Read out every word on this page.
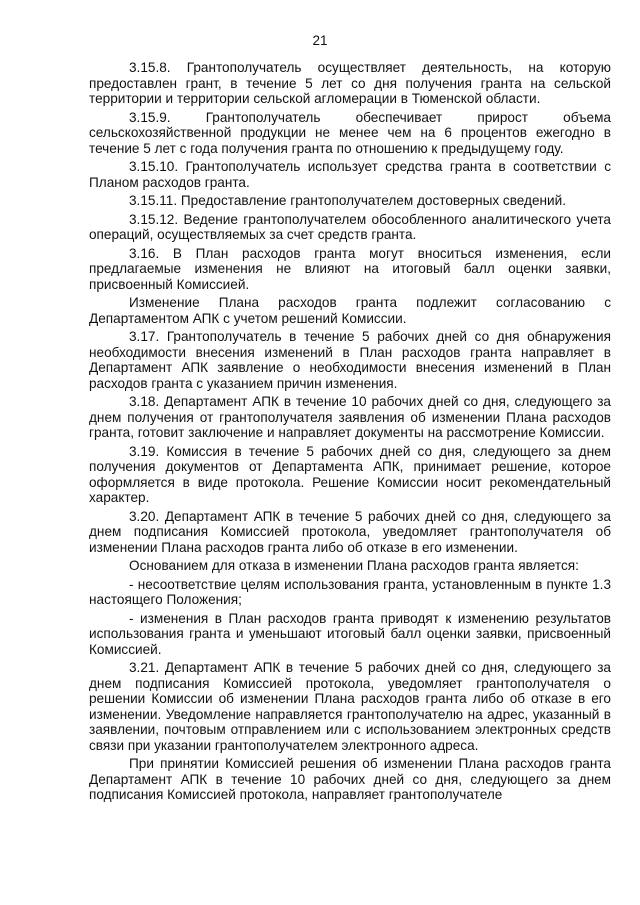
21

3.15.8. Грантополучатель осуществляет деятельность, на которую предоставлен грант, в течение 5 лет со дня получения гранта на сельской территории и территории сельской агломерации в Тюменской области.

3.15.9. Грантополучатель обеспечивает прирост объема сельскохозяйственной продукции не менее чем на 6 процентов ежегодно в течение 5 лет с года получения гранта по отношению к предыдущему году.

3.15.10. Грантополучатель использует средства гранта в соответствии с Планом расходов гранта.

3.15.11. Предоставление грантополучателем достоверных сведений.

3.15.12. Ведение грантополучателем обособленного аналитического учета операций, осуществляемых за счет средств гранта.

3.16. В План расходов гранта могут вноситься изменения, если предлагаемые изменения не влияют на итоговый балл оценки заявки, присвоенный Комиссией.

Изменение Плана расходов гранта подлежит согласованию с Департаментом АПК с учетом решений Комиссии.

3.17. Грантополучатель в течение 5 рабочих дней со дня обнаружения необходимости внесения изменений в План расходов гранта направляет в Департамент АПК заявление о необходимости внесения изменений в План расходов гранта с указанием причин изменения.

3.18. Департамент АПК в течение 10 рабочих дней со дня, следующего за днем получения от грантополучателя заявления об изменении Плана расходов гранта, готовит заключение и направляет документы на рассмотрение Комиссии.

3.19. Комиссия в течение 5 рабочих дней со дня, следующего за днем получения документов от Департамента АПК, принимает решение, которое оформляется в виде протокола. Решение Комиссии носит рекомендательный характер.

3.20. Департамент АПК в течение 5 рабочих дней со дня, следующего за днем подписания Комиссией протокола, уведомляет грантополучателя об изменении Плана расходов гранта либо об отказе в его изменении.

Основанием для отказа в изменении Плана расходов гранта является:

- несоответствие целям использования гранта, установленным в пункте 1.3 настоящего Положения;

- изменения в План расходов гранта приводят к изменению результатов использования гранта и уменьшают итоговый балл оценки заявки, присвоенный Комиссией.

3.21. Департамент АПК в течение 5 рабочих дней со дня, следующего за днем подписания Комиссией протокола, уведомляет грантополучателя о решении Комиссии об изменении Плана расходов гранта либо об отказе в его изменении. Уведомление направляется грантополучателю на адрес, указанный в заявлении, почтовым отправлением или с использованием электронных средств связи при указании грантополучателем электронного адреса.

При принятии Комиссией решения об изменении Плана расходов гранта Департамент АПК в течение 10 рабочих дней со дня, следующего за днем подписания Комиссией протокола, направляет грантополучателе
